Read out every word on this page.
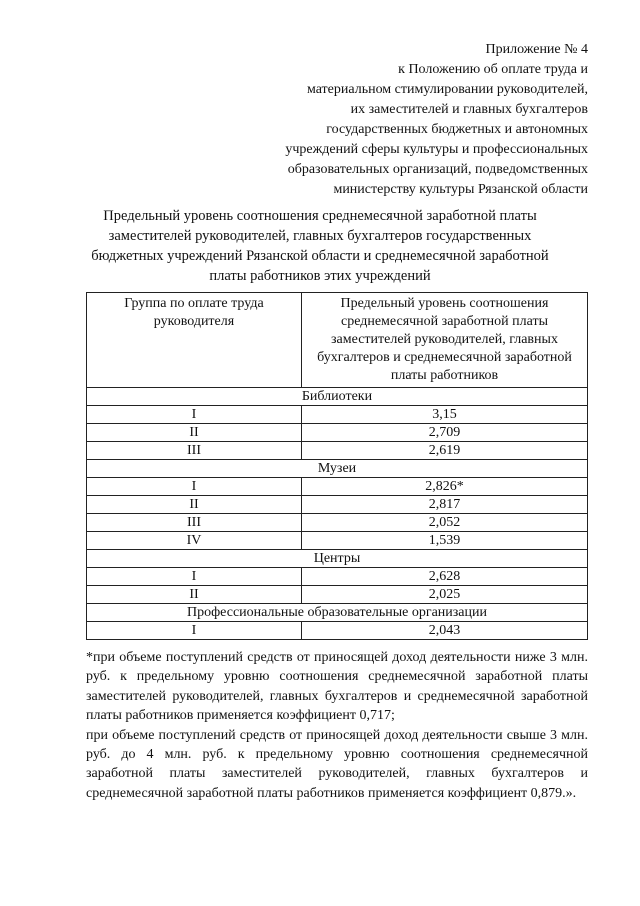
Приложение № 4
к Положению об оплате труда и
материальном стимулировании руководителей,
их заместителей и главных бухгалтеров
государственных бюджетных и автономных
учреждений сферы культуры и профессиональных
образовательных организаций, подведомственных
министерству культуры Рязанской области
Предельный уровень соотношения среднемесячной заработной платы
заместителей руководителей, главных бухгалтеров государственных
бюджетных учреждений Рязанской области и среднемесячной заработной
платы работников этих учреждений
Группа по оплате труда руководителя	Предельный уровень соотношения среднемесячной заработной платы заместителей руководителей, главных бухгалтеров и среднемесячной заработной платы работников
Библиотеки	
I	3,15
II	2,709
III	2,619
Музеи	
I	2,826*
II	2,817
III	2,052
IV	1,539
Центры	
I	2,628
II	2,025
Профессиональные образовательные организации	
I	2,043

*при объеме поступлений средств от приносящей доход деятельности ниже 3 млн. руб. к предельному уровню соотношения среднемесячной заработной платы заместителей руководителей, главных бухгалтеров и среднемесячной заработной платы работников применяется коэффициент 0,717;

при объеме поступлений средств от приносящей доход деятельности свыше 3 млн. руб. до 4 млн. руб. к предельному уровню соотношения среднемесячной заработной платы заместителей руководителей, главных бухгалтеров и среднемесячной заработной платы работников применяется коэффициент 0,879.».
